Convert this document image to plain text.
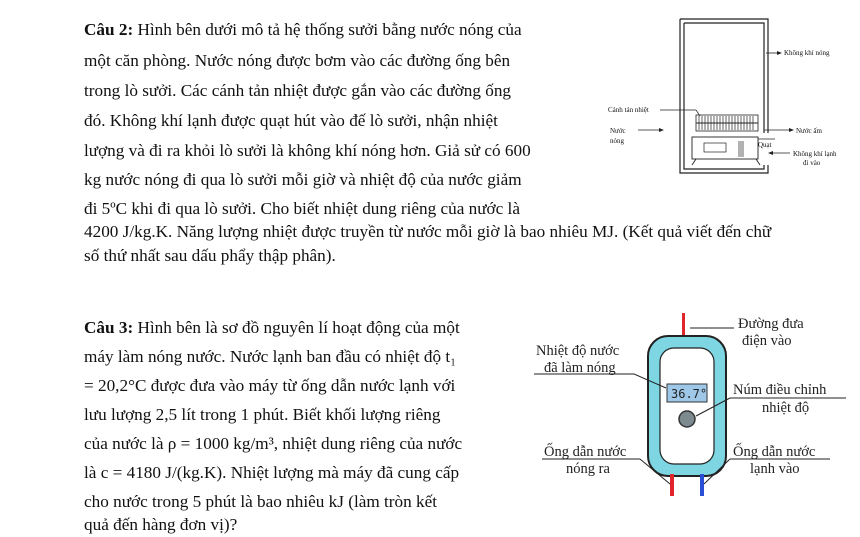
Câu 2: Hình bên dưới mô tả hệ thống sưởi bằng nước nóng của
một căn phòng. Nước nóng được bơm vào các đường ống bên
trong lò sưởi. Các cánh tản nhiệt được gắn vào các đường ống
đó. Không khí lạnh được quạt hút vào đế lò sưởi, nhận nhiệt
lượng và đi ra khỏi lò sưởi là không khí nóng hơn. Giả sử có 600
kg nước nóng đi qua lò sưởi mỗi giờ và nhiệt độ của nước giảm
đi 5ºC khi đi qua lò sưởi. Cho biết nhiệt dung riêng của nước là
4200 J/kg.K. Năng lượng nhiệt được truyền từ nước mỗi giờ là bao nhiêu MJ. (Kết quả viết đến chữ
số thứ nhất sau dấu phẩy thập phân).
Không khí nóng
Cánh tản nhiệt
Nước
nóng
Nước ấm
Quạt
Không khí lạnh
đi vào
Câu 3: Hình bên là sơ đồ nguyên lí hoạt động của một
máy làm nóng nước. Nước lạnh ban đầu có nhiệt độ t₁
= 20,2°C được đưa vào máy từ ống dẫn nước lạnh với
lưu lượng 2,5 lít trong 1 phút. Biết khối lượng riêng
của nước là ρ = 1000 kg/m³, nhiệt dung riêng của nước
là c = 4180 J/(kg.K). Nhiệt lượng mà máy đã cung cấp
cho nước trong 5 phút là bao nhiêu kJ (làm tròn kết
quả đến hàng đơn vị)?
36.7°
Nhiệt độ nước
đã làm nóng
Đường đưa
điện vào
Núm điều chỉnh
nhiệt độ
Ống dẫn nước
nóng ra
Ống dẫn nước
lạnh vào
